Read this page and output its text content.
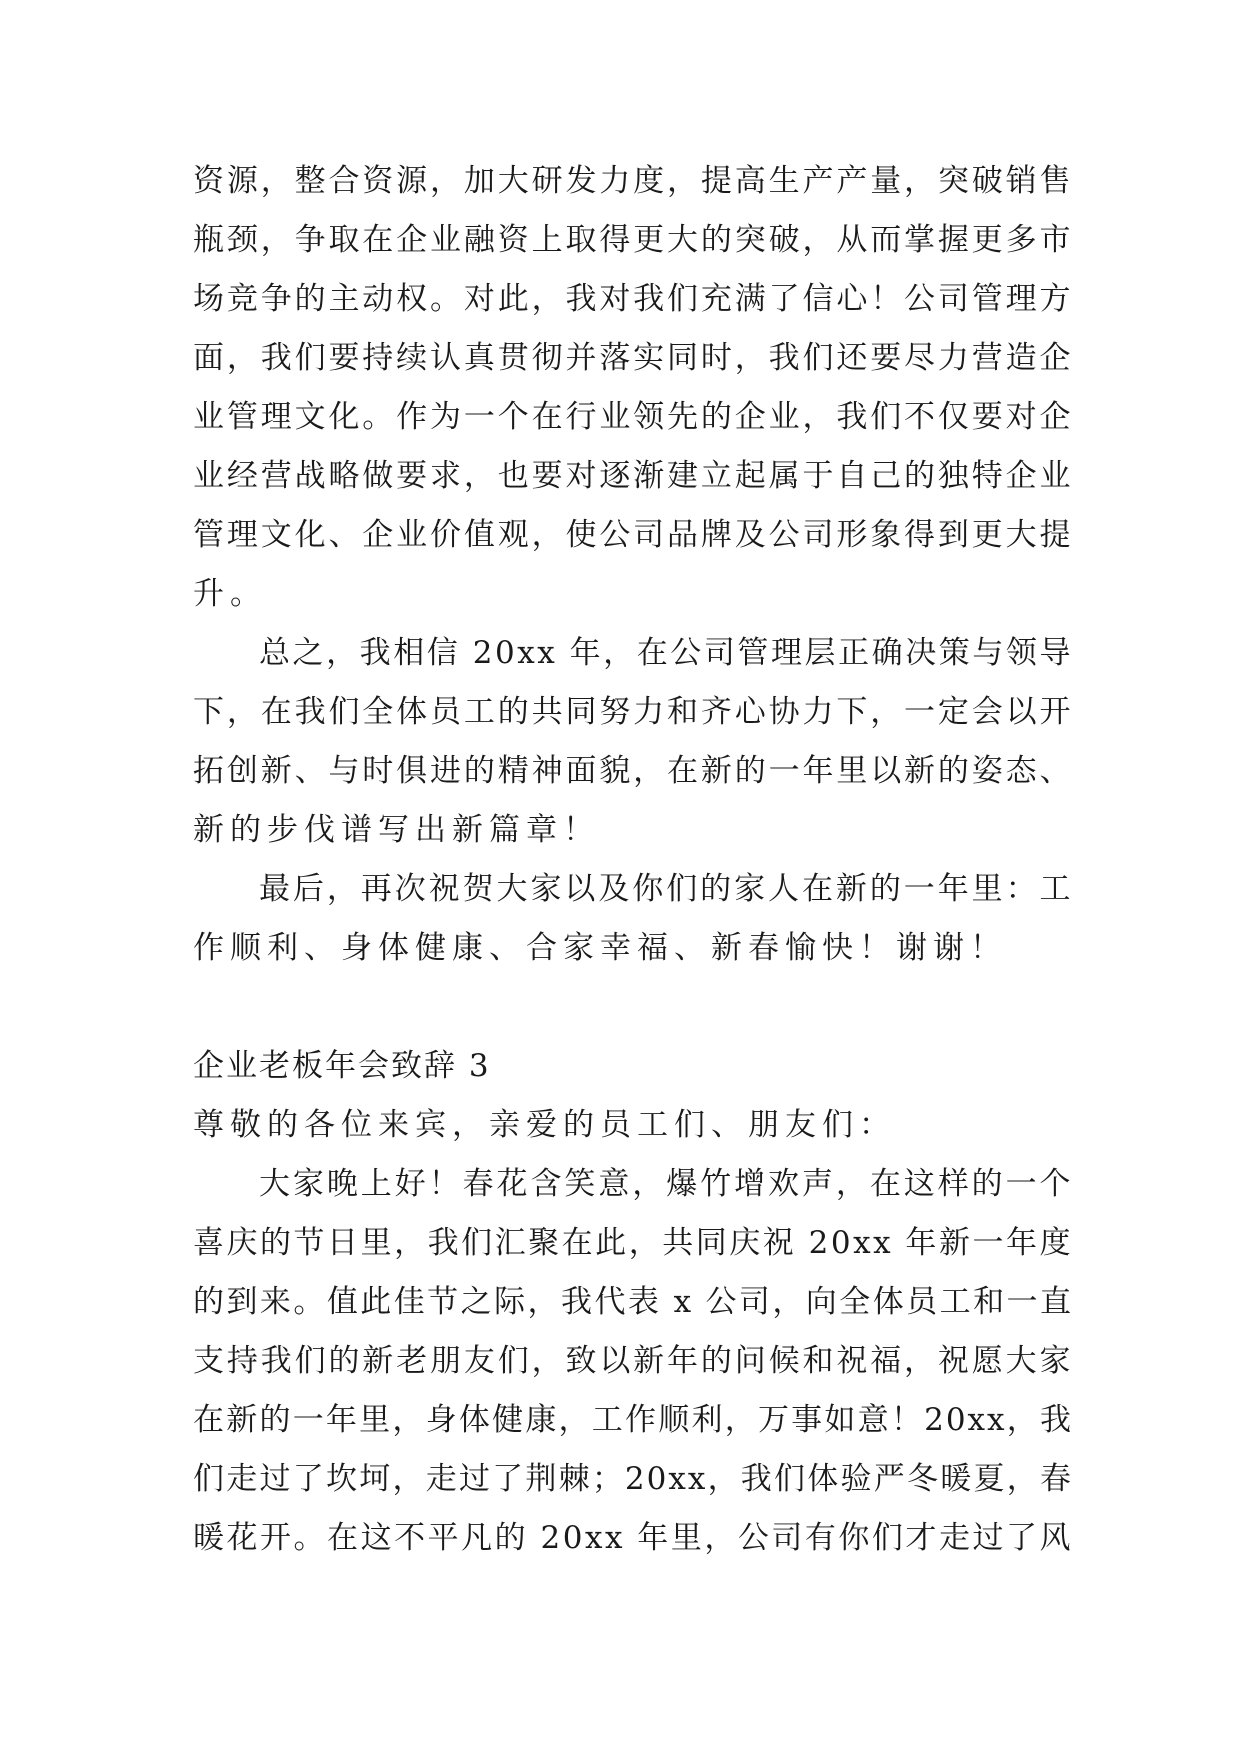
资源，整合资源，加大研发力度，提高生产产量，突破销售
瓶颈，争取在企业融资上取得更大的突破，从而掌握更多市
场竞争的主动权。对此，我对我们充满了信心！公司管理方
面，我们要持续认真贯彻并落实同时，我们还要尽力营造企
业管理文化。作为一个在行业领先的企业，我们不仅要对企
业经营战略做要求，也要对逐渐建立起属于自己的独特企业
管理文化、企业价值观，使公司品牌及公司形象得到更大提
升。
总之，我相信 20xx 年，在公司管理层正确决策与领导
下，在我们全体员工的共同努力和齐心协力下，一定会以开
拓创新、与时俱进的精神面貌，在新的一年里以新的姿态、
新的步伐谱写出新篇章！
最后，再次祝贺大家以及你们的家人在新的一年里：工
作顺利、身体健康、合家幸福、新春愉快！谢谢！
企业老板年会致辞 3
尊敬的各位来宾，亲爱的员工们、朋友们：
大家晚上好！春花含笑意，爆竹增欢声，在这样的一个
喜庆的节日里，我们汇聚在此，共同庆祝 20xx 年新一年度
的到来。值此佳节之际，我代表 x 公司，向全体员工和一直
支持我们的新老朋友们，致以新年的问候和祝福，祝愿大家
在新的一年里，身体健康，工作顺利，万事如意！20xx，我
们走过了坎坷，走过了荆棘；20xx，我们体验严冬暖夏，春
暖花开。在这不平凡的 20xx 年里，公司有你们才走过了风
